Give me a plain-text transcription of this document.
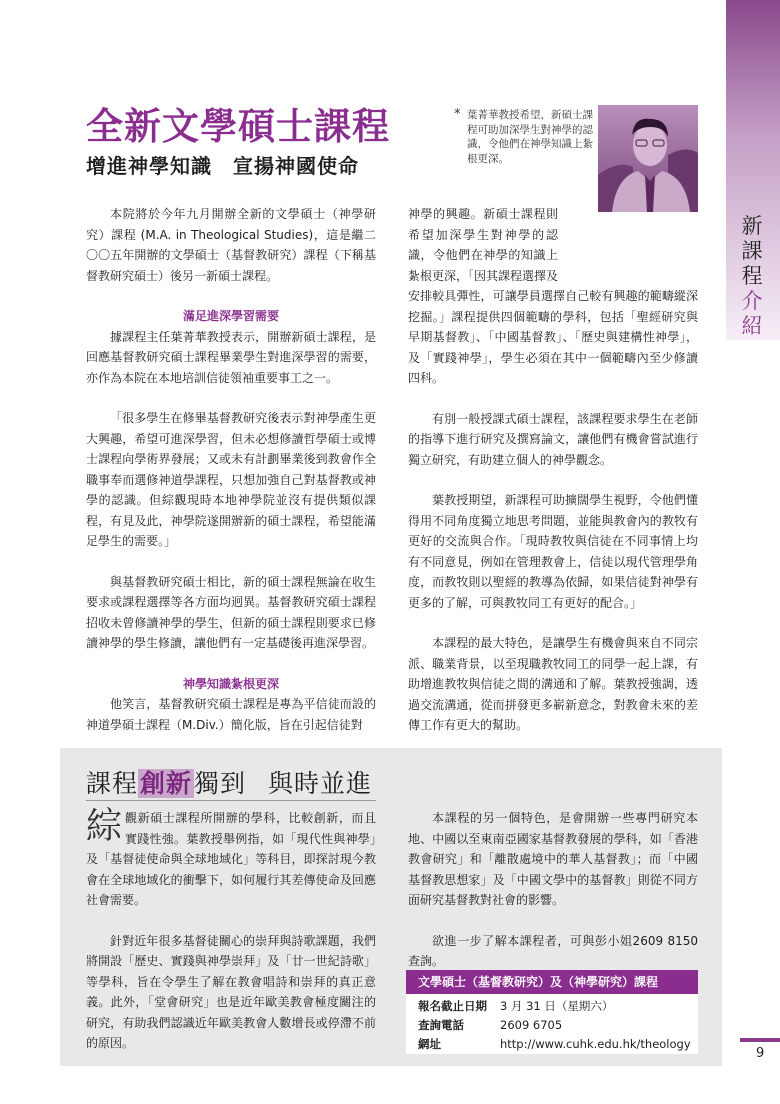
新
課
程
介
紹
全新文學碩士課程
增進神學知識　宣揚神國使命
* 葉菁華教授希望，新碩士課程可助加深學生對神學的認識，令他們在神學知識上紮根更深。

本院將於今年九月開辦全新的文學碩士（神學研究）課程 (M.A. in Theological Studies)，這是繼二〇〇五年開辦的文學碩士（基督教研究）課程（下稱基督教研究碩士）後另一新碩士課程。

滿足進深學習需要

據課程主任葉菁華教授表示，開辦新碩士課程，是回應基督教研究碩士課程畢業學生對進深學習的需要，亦作為本院在本地培訓信徒領袖重要事工之一。

「很多學生在修畢基督教研究後表示對神學產生更大興趣，希望可進深學習，但未必想修讀哲學碩士或博士課程向學術界發展；又或未有計劃畢業後到教會作全職事奉而選修神道學課程，只想加強自己對基督教或神學的認識。但綜觀現時本地神學院並沒有提供類似課程，有見及此，神學院遂開辦新的碩士課程，希望能滿足學生的需要。」

與基督教研究碩士相比，新的碩士課程無論在收生要求或課程選擇等各方面均迥異。基督教研究碩士課程招收未曾修讀神學的學生，但新的碩士課程則要求已修讀神學的學生修讀，讓他們有一定基礎後再進深學習。

神學知識紮根更深

他笑言，基督教研究碩士課程是專為平信徒而設的神道學碩士課程（M.Div.）簡化版，旨在引起信徒對

神學的興趣。新碩士課程則希望加深學生對神學的認識，令他們在神學的知識上紮根更深，「因其課程選擇及安排較具彈性，可讓學員選擇自己較有興趣的範疇縱深挖掘。」課程提供四個範疇的學科，包括「聖經研究與早期基督教」、「中國基督教」、「歷史與建構性神學」，及「實踐神學」，學生必須在其中一個範疇內至少修讀四科。

有別一般授課式碩士課程，該課程要求學生在老師的指導下進行研究及撰寫論文，讓他們有機會嘗試進行獨立研究，有助建立個人的神學觀念。

葉教授期望，新課程可助擴闊學生視野，令他們懂得用不同角度獨立地思考問題，並能與教會內的教牧有更好的交流與合作。「現時教牧與信徒在不同事情上均有不同意見，例如在管理教會上，信徒以現代管理學角度，而教牧則以聖經的教導為依歸，如果信徒對神學有更多的了解，可與教牧同工有更好的配合。」

本課程的最大特色，是讓學生有機會與來自不同宗派、職業背景，以至現職教牧同工的同學一起上課，有助增進教牧與信徒之間的溝通和了解。葉教授強調，透過交流溝通，從而拼發更多嶄新意念，對教會未來的差傳工作有更大的幫助。

課程創新獨到 與時並進

綜觀新碩士課程所開辦的學科，比較創新，而且實踐性強。葉教授舉例指，如「現代性與神學」及「基督徒使命與全球地域化」等科目，即探討現今教會在全球地域化的衝擊下，如何履行其差傳使命及回應社會需要。

針對近年很多基督徒關心的崇拜與詩歌課題，我們將開設「歷史、實踐與神學崇拜」及「廿一世紀詩歌」等學科，旨在令學生了解在教會唱詩和崇拜的真正意義。此外，「堂會研究」也是近年歐美教會極度關注的研究，有助我們認識近年歐美教會人數增長或停滯不前的原因。

本課程的另一個特色，是會開辦一些專門研究本地、中國以至東南亞國家基督教發展的學科，如「香港教會研究」和「離散處境中的華人基督教」；而「中國基督教思想家」及「中國文學中的基督教」則從不同方面研究基督教對社會的影響。

欲進一步了解本課程者，可與彭小姐2609 8150查詢。

文學碩士（基督教研究）及（神學研究）課程
報名截止日期 3 月 31 日（星期六）
查詢電話	2609 6705
網址	http://www.cuhk.edu.hk/theology
9
